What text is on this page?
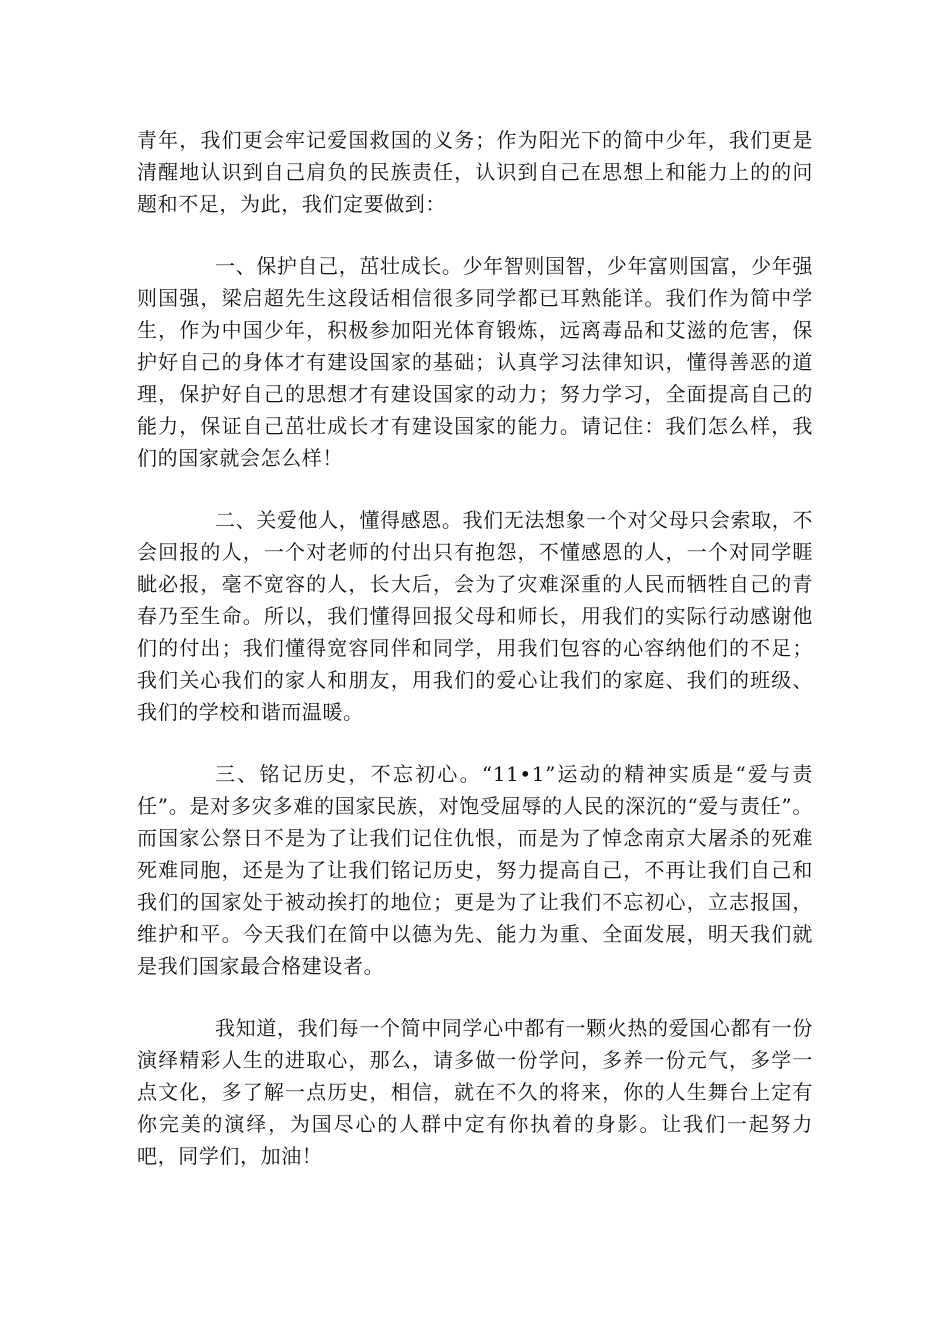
青年，我们更会牢记爱国救国的义务；作为阳光下的简中少年，我们更是清醒地认识到自己肩负的民族责任，认识到自己在思想上和能力上的的问题和不足，为此，我们定要做到：

一、保护自己，茁壮成长。少年智则国智，少年富则国富，少年强则国强，梁启超先生这段话相信很多同学都已耳熟能详。我们作为简中学生，作为中国少年，积极参加阳光体育锻炼，远离毒品和艾滋的危害，保护好自己的身体才有建设国家的基础；认真学习法律知识，懂得善恶的道理，保护好自己的思想才有建设国家的动力；努力学习，全面提高自己的能力，保证自己茁壮成长才有建设国家的能力。请记住：我们怎么样，我们的国家就会怎么样！

二、关爱他人，懂得感恩。我们无法想象一个对父母只会索取，不会回报的人，一个对老师的付出只有抱怨，不懂感恩的人，一个对同学睚眦必报，毫不宽容的人，长大后，会为了灾难深重的人民而牺牲自己的青春乃至生命。所以，我们懂得回报父母和师长，用我们的实际行动感谢他们的付出；我们懂得宽容同伴和同学，用我们包容的心容纳他们的不足；我们关心我们的家人和朋友，用我们的爱心让我们的家庭、我们的班级、我们的学校和谐而温暖。

三、铭记历史，不忘初心。“11•1”运动的精神实质是“爱与责任”。是对多灾多难的国家民族，对饱受屈辱的人民的深沉的“爱与责任”。而国家公祭日不是为了让我们记住仇恨，而是为了悼念南京大屠杀的死难死难同胞，还是为了让我们铭记历史，努力提高自己，不再让我们自己和我们的国家处于被动挨打的地位；更是为了让我们不忘初心，立志报国，维护和平。今天我们在简中以德为先、能力为重、全面发展，明天我们就是我们国家最合格建设者。

我知道，我们每一个简中同学心中都有一颗火热的爱国心都有一份演绎精彩人生的进取心，那么，请多做一份学问，多养一份元气，多学一点文化，多了解一点历史，相信，就在不久的将来，你的人生舞台上定有你完美的演绎，为国尽心的人群中定有你执着的身影。让我们一起努力吧，同学们，加油！
